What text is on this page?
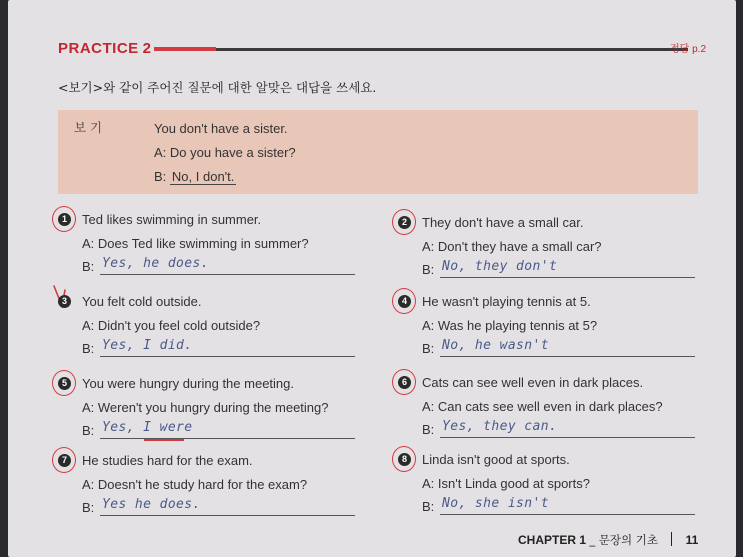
PRACTICE 2	정답 p.2
<보기>와 같이 주어진 질문에 대한 알맞은 대답을 쓰세요.
보 기	You don't have a sister.
A: Do you have a sister?
B: No, I don't.
1	Ted likes swimming in summer.
A: Does Ted like swimming in summer?
B: Yes, he does.
2	They don't have a small car.
A: Don't they have a small car?
B: No, they don't
3	You felt cold outside.
A: Didn't you feel cold outside?
B: Yes, I did.
4	He wasn't playing tennis at 5.
A: Was he playing tennis at 5?
B: No, he wasn't
5	You were hungry during the meeting.
A: Weren't you hungry during the meeting?
B: Yes, I were
6	Cats can see well even in dark places.
A: Can cats see well even in dark places?
B: Yes, they can.
7	He studies hard for the exam.
A: Doesn't he study hard for the exam?
B: Yes he does.
8	Linda isn't good at sports.
A: Isn't Linda good at sports?
B: No, she isn't
CHAPTER 1 _ 문장의 기초 11
